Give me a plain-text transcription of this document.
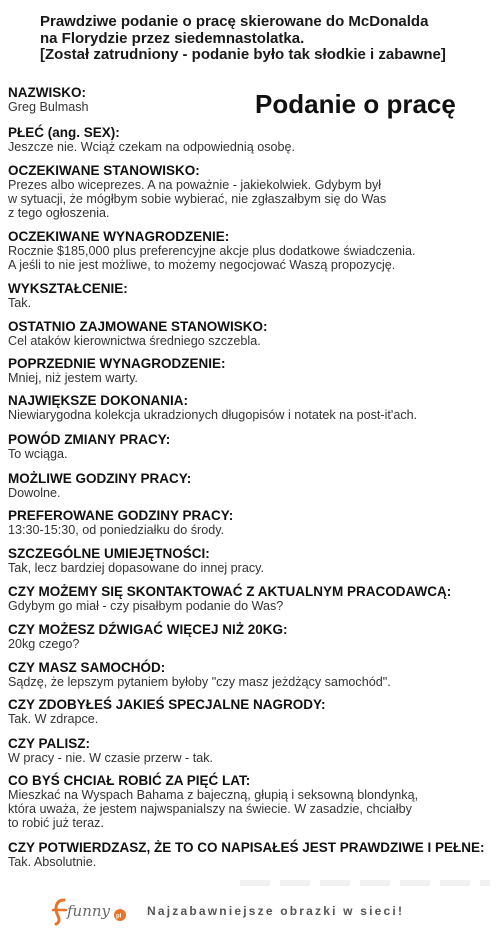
Prawdziwe podanie o pracę skierowane do McDonalda
na Florydzie przez siedemnastolatka.
[Został zatrudniony - podanie było tak słodkie i zabawne]
Podanie o pracę
NAZWISKO:
Greg Bulmash
PŁEĆ (ang. SEX):
Jeszcze nie. Wciąż czekam na odpowiednią osobę.
OCZEKIWANE STANOWISKO:
Prezes albo wiceprezes. A na poważnie - jakiekolwiek. Gdybym był
w sytuacji, że mógłbym sobie wybierać, nie zgłaszałbym się do Was
z tego ogłoszenia.
OCZEKIWANE WYNAGRODZENIE:
Rocznie $185,000 plus preferencyjne akcje plus dodatkowe świadczenia.
A jeśli to nie jest możliwe, to możemy negocjować Waszą propozycję.
WYKSZTAŁCENIE:
Tak.
OSTATNIO ZAJMOWANE STANOWISKO:
Cel ataków kierownictwa średniego szczebla.
POPRZEDNIE WYNAGRODZENIE:
Mniej, niż jestem warty.
NAJWIĘKSZE DOKONANIA:
Niewiarygodna kolekcja ukradzionych długopisów i notatek na post-it'ach.
POWÓD ZMIANY PRACY:
To wciąga.
MOŻLIWE GODZINY PRACY:
Dowolne.
PREFEROWANE GODZINY PRACY:
13:30-15:30, od poniedziałku do środy.
SZCZEGÓLNE UMIEJĘTNOŚCI:
Tak, lecz bardziej dopasowane do innej pracy.
CZY MOŻEMY SIĘ SKONTAKTOWAĆ Z AKTUALNYM PRACODAWCĄ:
Gdybym go miał - czy pisałbym podanie do Was?
CZY MOŻESZ DŹWIGAĆ WIĘCEJ NIŻ 20KG:
20kg czego?
CZY MASZ SAMOCHÓD:
Sądzę, że lepszym pytaniem byłoby "czy masz jeżdżący samochód".
CZY ZDOBYŁEŚ JAKIEŚ SPECJALNE NAGRODY:
Tak. W zdrapce.
CZY PALISZ:
W pracy - nie. W czasie przerw - tak.
CO BYŚ CHCIAŁ ROBIĆ ZA PIĘĆ LAT:
Mieszkać na Wyspach Bahama z bajeczną, głupią i seksowną blondynką,
która uważa, że jestem najwspanialszy na świecie. W zasadzie, chciałby
to robić już teraz.
CZY POTWIERDZASZ, ŻE TO CO NAPISAŁEŚ JEST PRAWDZIWE I PEŁNE:
Tak. Absolutnie.
funny pl Najzabawniejsze obrazki w sieci!
